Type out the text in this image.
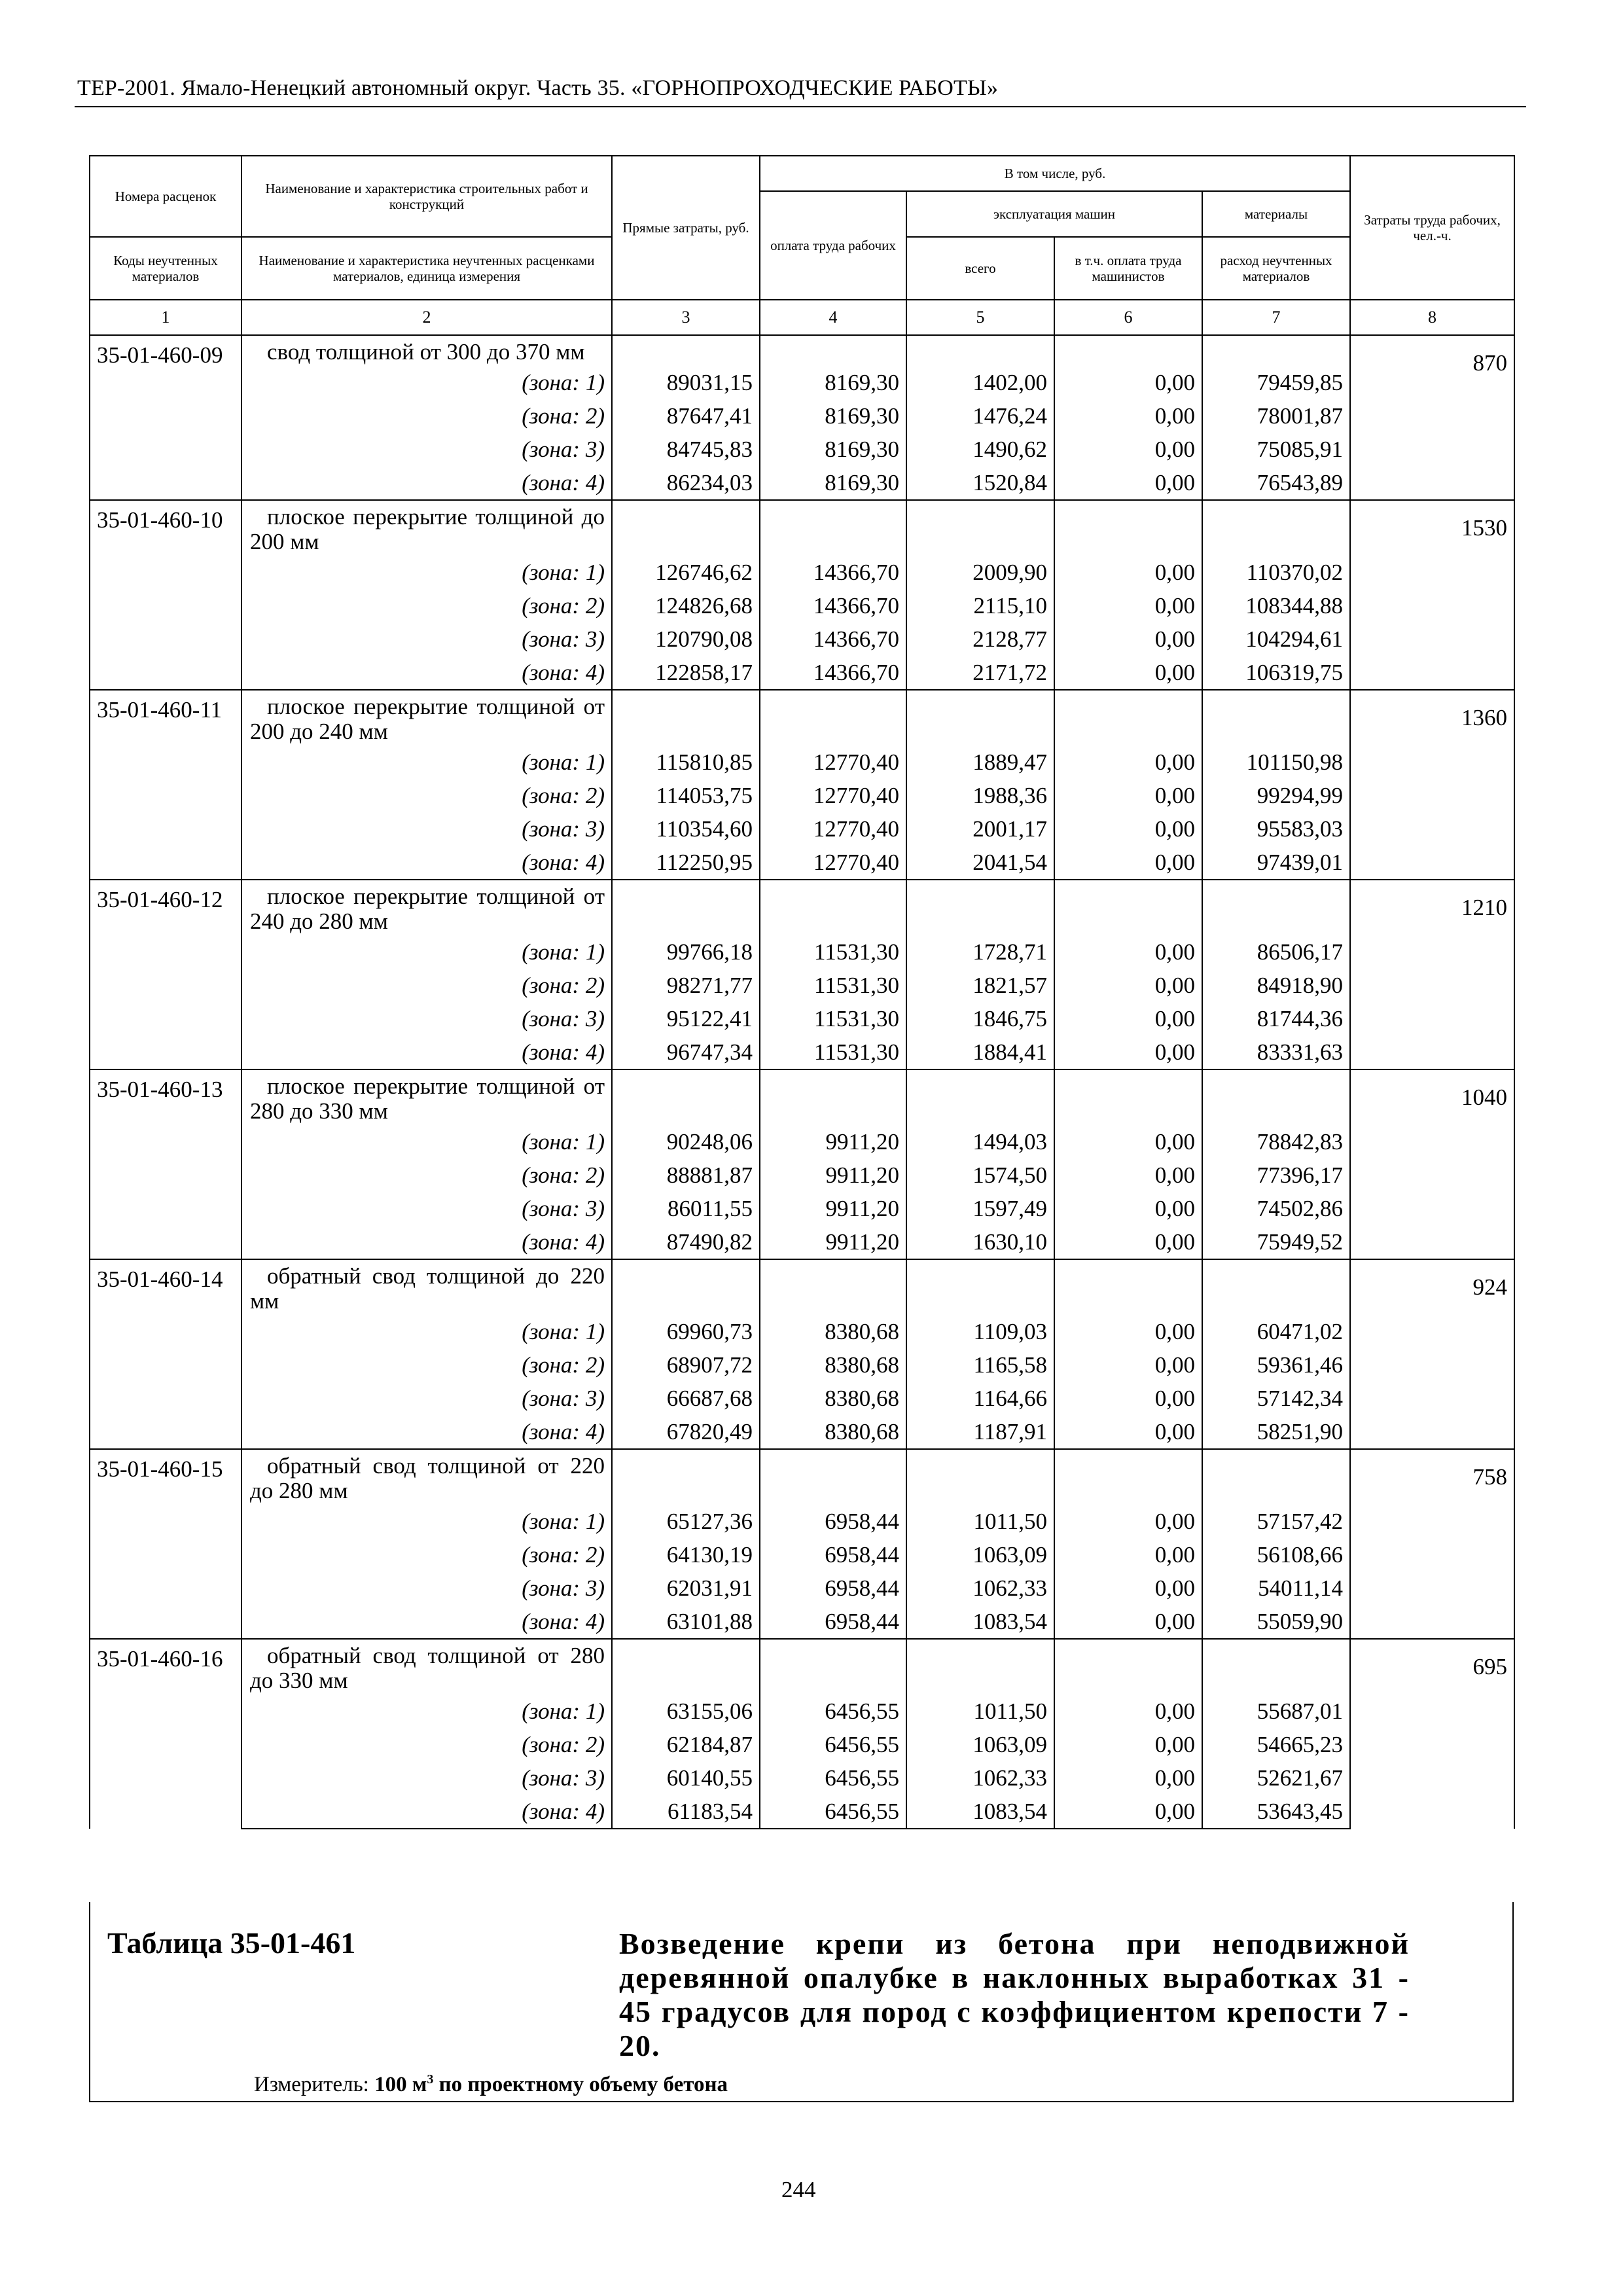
ТЕР-2001. Ямало-Ненецкий автономный округ. Часть 35. «ГОРНОПРОХОДЧЕСКИЕ РАБОТЫ»
Номера расценок	Наименование и характеристика строительных работ и конструкций	Прямые затраты, руб.	В том числе, руб.				Затраты труда рабочих, чел.-ч.
			оплата труда рабочих	эксплуатация машин		материалы	
Коды неучтенных материалов	Наименование и характеристика неучтенных расценками материалов, единица измерения			всего	в т.ч. оплата труда машинистов	расход неучтенных материалов	
1	2	3	4	5	6	7	8
35-01-460-09	свод толщиной от 300 до 370 мм						870
	(зона: 1)	89031,15	8169,30	1402,00	0,00	79459,85	
	(зона: 2)	87647,41	8169,30	1476,24	0,00	78001,87	
	(зона: 3)	84745,83	8169,30	1490,62	0,00	75085,91	
	(зона: 4)	86234,03	8169,30	1520,84	0,00	76543,89	
35-01-460-10	плоское перекрытие толщиной до 200 мм						1530
	(зона: 1)	126746,62	14366,70	2009,90	0,00	110370,02	
	(зона: 2)	124826,68	14366,70	2115,10	0,00	108344,88	
	(зона: 3)	120790,08	14366,70	2128,77	0,00	104294,61	
	(зона: 4)	122858,17	14366,70	2171,72	0,00	106319,75	
35-01-460-11	плоское перекрытие толщиной от 200 до 240 мм						1360
	(зона: 1)	115810,85	12770,40	1889,47	0,00	101150,98	
	(зона: 2)	114053,75	12770,40	1988,36	0,00	99294,99	
	(зона: 3)	110354,60	12770,40	2001,17	0,00	95583,03	
	(зона: 4)	112250,95	12770,40	2041,54	0,00	97439,01	
35-01-460-12	плоское перекрытие толщиной от 240 до 280 мм						1210
	(зона: 1)	99766,18	11531,30	1728,71	0,00	86506,17	
	(зона: 2)	98271,77	11531,30	1821,57	0,00	84918,90	
	(зона: 3)	95122,41	11531,30	1846,75	0,00	81744,36	
	(зона: 4)	96747,34	11531,30	1884,41	0,00	83331,63	
35-01-460-13	плоское перекрытие толщиной от 280 до 330 мм						1040
	(зона: 1)	90248,06	9911,20	1494,03	0,00	78842,83	
	(зона: 2)	88881,87	9911,20	1574,50	0,00	77396,17	
	(зона: 3)	86011,55	9911,20	1597,49	0,00	74502,86	
	(зона: 4)	87490,82	9911,20	1630,10	0,00	75949,52	
35-01-460-14	обратный свод толщиной до 220 мм						924
	(зона: 1)	69960,73	8380,68	1109,03	0,00	60471,02	
	(зона: 2)	68907,72	8380,68	1165,58	0,00	59361,46	
	(зона: 3)	66687,68	8380,68	1164,66	0,00	57142,34	
	(зона: 4)	67820,49	8380,68	1187,91	0,00	58251,90	
35-01-460-15	обратный свод толщиной от 220 до 280 мм						758
	(зона: 1)	65127,36	6958,44	1011,50	0,00	57157,42	
	(зона: 2)	64130,19	6958,44	1063,09	0,00	56108,66	
	(зона: 3)	62031,91	6958,44	1062,33	0,00	54011,14	
	(зона: 4)	63101,88	6958,44	1083,54	0,00	55059,90	
35-01-460-16	обратный свод толщиной от 280 до 330 мм						695
	(зона: 1)	63155,06	6456,55	1011,50	0,00	55687,01	
	(зона: 2)	62184,87	6456,55	1063,09	0,00	54665,23	
	(зона: 3)	60140,55	6456,55	1062,33	0,00	52621,67	
	(зона: 4)	61183,54	6456,55	1083,54	0,00	53643,45	
Таблица 35-01-461	Возведение крепи из бетона при неподвижной деревянной опалубке в наклонных выработках 31 - 45 градусов для пород с коэффициентом крепости 7 - 20.
Измеритель: 100 $м^3$ по проектному объему бетона
244
